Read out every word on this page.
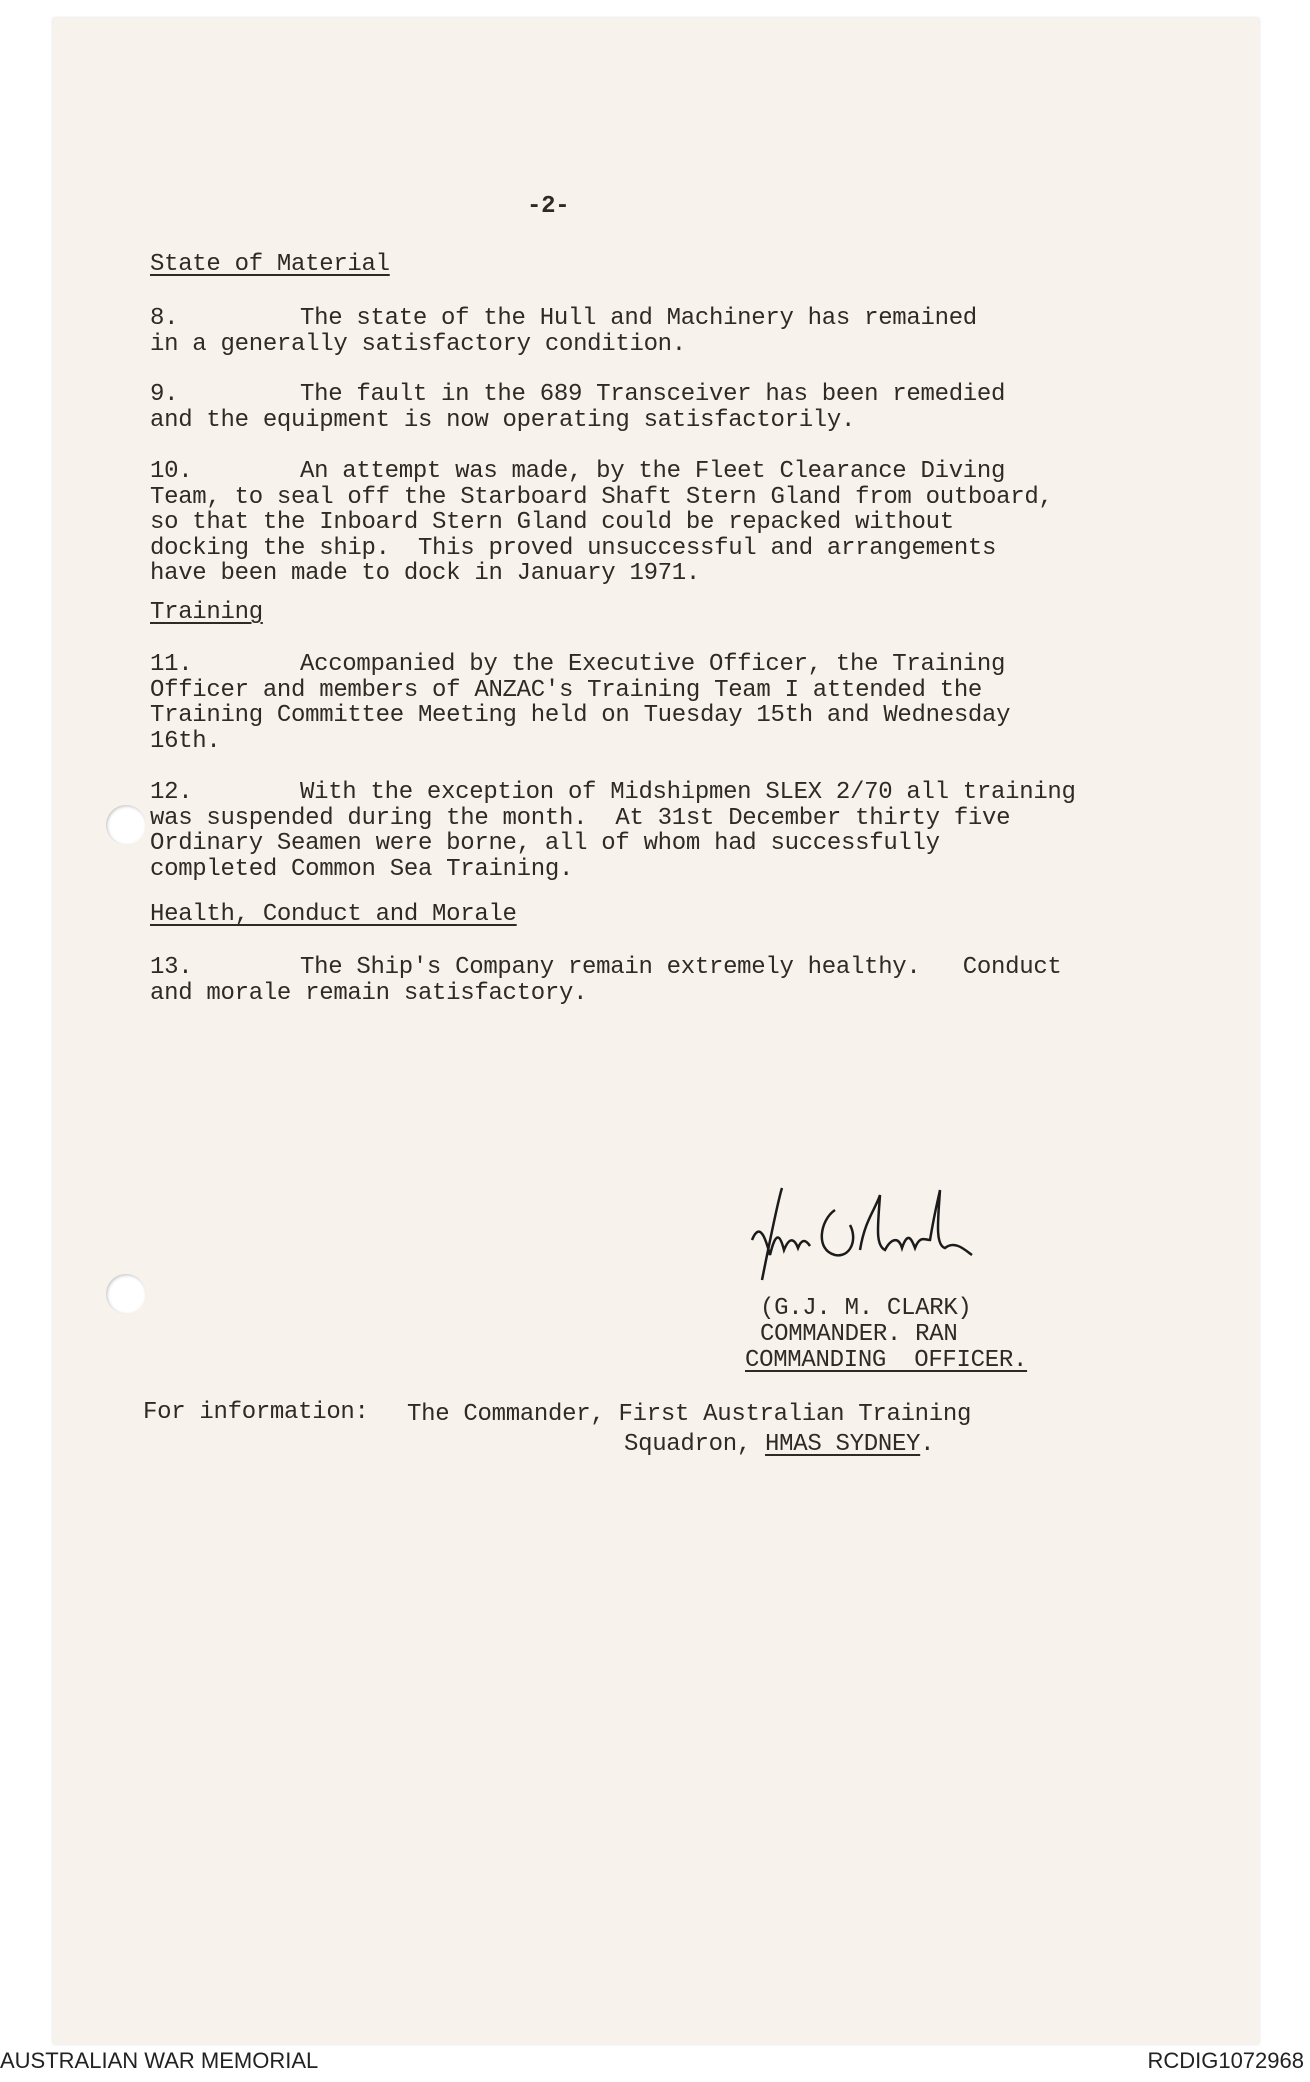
-2-
State of Material
8.	The state of the Hull and Machinery has remained
in a generally satisfactory condition.
9.	The fault in the 689 Transceiver has been remedied
and the equipment is now operating satisfactorily.
10.	An attempt was made, by the Fleet Clearance Diving
Team, to seal off the Starboard Shaft Stern Gland from outboard,
so that the Inboard Stern Gland could be repacked without
docking the ship.  This proved unsuccessful and arrangements
have been made to dock in January 1971.
Training
11.	Accompanied by the Executive Officer, the Training
Officer and members of ANZAC's Training Team I attended the
Training Committee Meeting held on Tuesday 15th and Wednesday
16th.
12.	With the exception of Midshipmen SLEX 2/70 all training
was suspended during the month.  At 31st December thirty five
Ordinary Seamen were borne, all of whom had successfully
completed Common Sea Training.
Health, Conduct and Morale
13.	The Ship's Company remain extremely healthy.   Conduct
and morale remain satisfactory.
(G.J. M. CLARK)
COMMANDER. RAN
COMMANDING  OFFICER.
For information: The Commander, First Australian Training
Squadron, HMAS SYDNEY.
AUSTRALIAN WAR MEMORIAL	RCDIG1072968
